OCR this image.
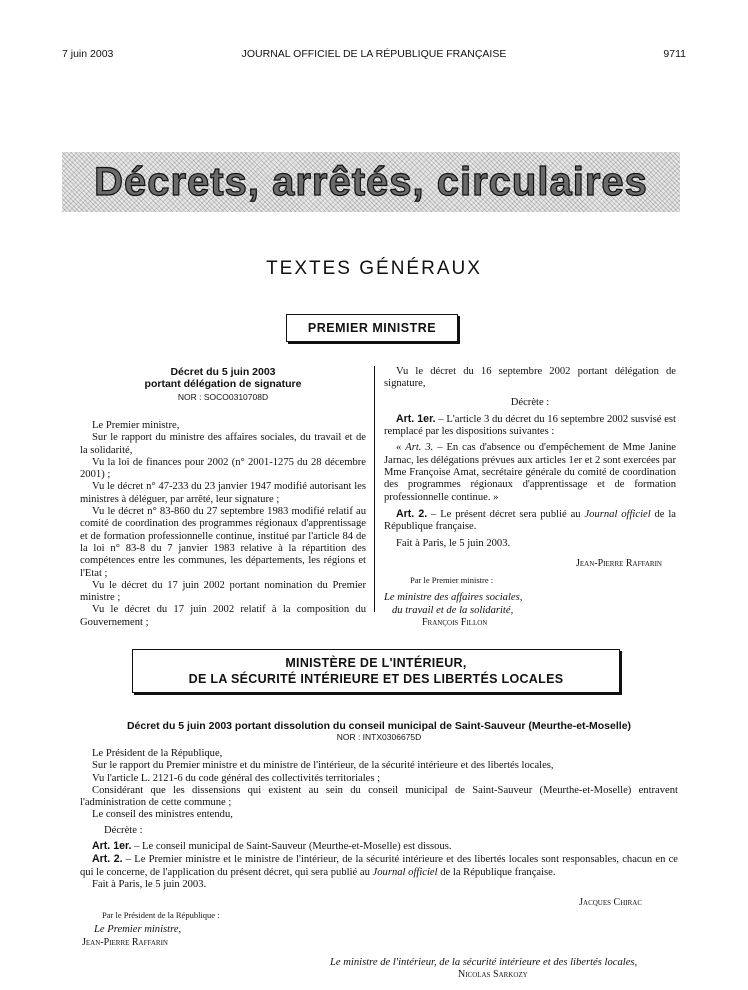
7 juin 2003	JOURNAL OFFICIEL DE LA RÉPUBLIQUE FRANÇAISE	9711
Décrets, arrêtés, circulaires
TEXTES GÉNÉRAUX
PREMIER MINISTRE
Décret du 5 juin 2003
portant délégation de signature
NOR : SOCO0310708D

Le Premier ministre,

Sur le rapport du ministre des affaires sociales, du travail et de la solidarité,

Vu la loi de finances pour 2002 (n° 2001-1275 du 28 décembre 2001) ;

Vu le décret n° 47-233 du 23 janvier 1947 modifié autorisant les ministres à déléguer, par arrêté, leur signature ;

Vu le décret n° 83-860 du 27 septembre 1983 modifié relatif au comité de coordination des programmes régionaux d'apprentissage et de formation professionnelle continue, institué par l'article 84 de la loi n° 83-8 du 7 janvier 1983 relative à la répartition des compétences entre les communes, les départements, les régions et l'Etat ;

Vu le décret du 17 juin 2002 portant nomination du Premier ministre ;

Vu le décret du 17 juin 2002 relatif à la composition du Gouvernement ;

Vu le décret du 16 septembre 2002 portant délégation de signature,

Décrète :

Art. 1er. – L'article 3 du décret du 16 septembre 2002 susvisé est remplacé par les dispositions suivantes :

« Art. 3. – En cas d'absence ou d'empêchement de Mme Janine Jarnac, les délégations prévues aux articles 1er et 2 sont exercées par Mme Françoise Amat, secrétaire générale du comité de coordination des programmes régionaux d'apprentissage et de formation professionnelle continue. »

Art. 2. – Le présent décret sera publié au Journal officiel de la République française.

Fait à Paris, le 5 juin 2003.

Jean-Pierre Raffarin
Par le Premier ministre :
Le ministre des affaires sociales,
du travail et de la solidarité,
François Fillon
MINISTÈRE DE L'INTÉRIEUR,
DE LA SÉCURITÉ INTÉRIEURE ET DES LIBERTÉS LOCALES
Décret du 5 juin 2003 portant dissolution du conseil municipal de Saint-Sauveur (Meurthe-et-Moselle)
NOR : INTX0306675D

Le Président de la République,

Sur le rapport du Premier ministre et du ministre de l'intérieur, de la sécurité intérieure et des libertés locales,

Vu l'article L. 2121-6 du code général des collectivités territoriales ;

Considérant que les dissensions qui existent au sein du conseil municipal de Saint-Sauveur (Meurthe-et-Moselle) entravent l'administration de cette commune ;

Le conseil des ministres entendu,

Décrète :

Art. 1er. – Le conseil municipal de Saint-Sauveur (Meurthe-et-Moselle) est dissous.

Art. 2. – Le Premier ministre et le ministre de l'intérieur, de la sécurité intérieure et des libertés locales sont responsables, chacun en ce qui le concerne, de l'application du présent décret, qui sera publié au Journal officiel de la République française.

Fait à Paris, le 5 juin 2003.

Jacques Chirac
Par le Président de la République :
Le Premier ministre,
Jean-Pierre Raffarin
Le ministre de l'intérieur, de la sécurité intérieure et des libertés locales,
Nicolas Sarkozy
